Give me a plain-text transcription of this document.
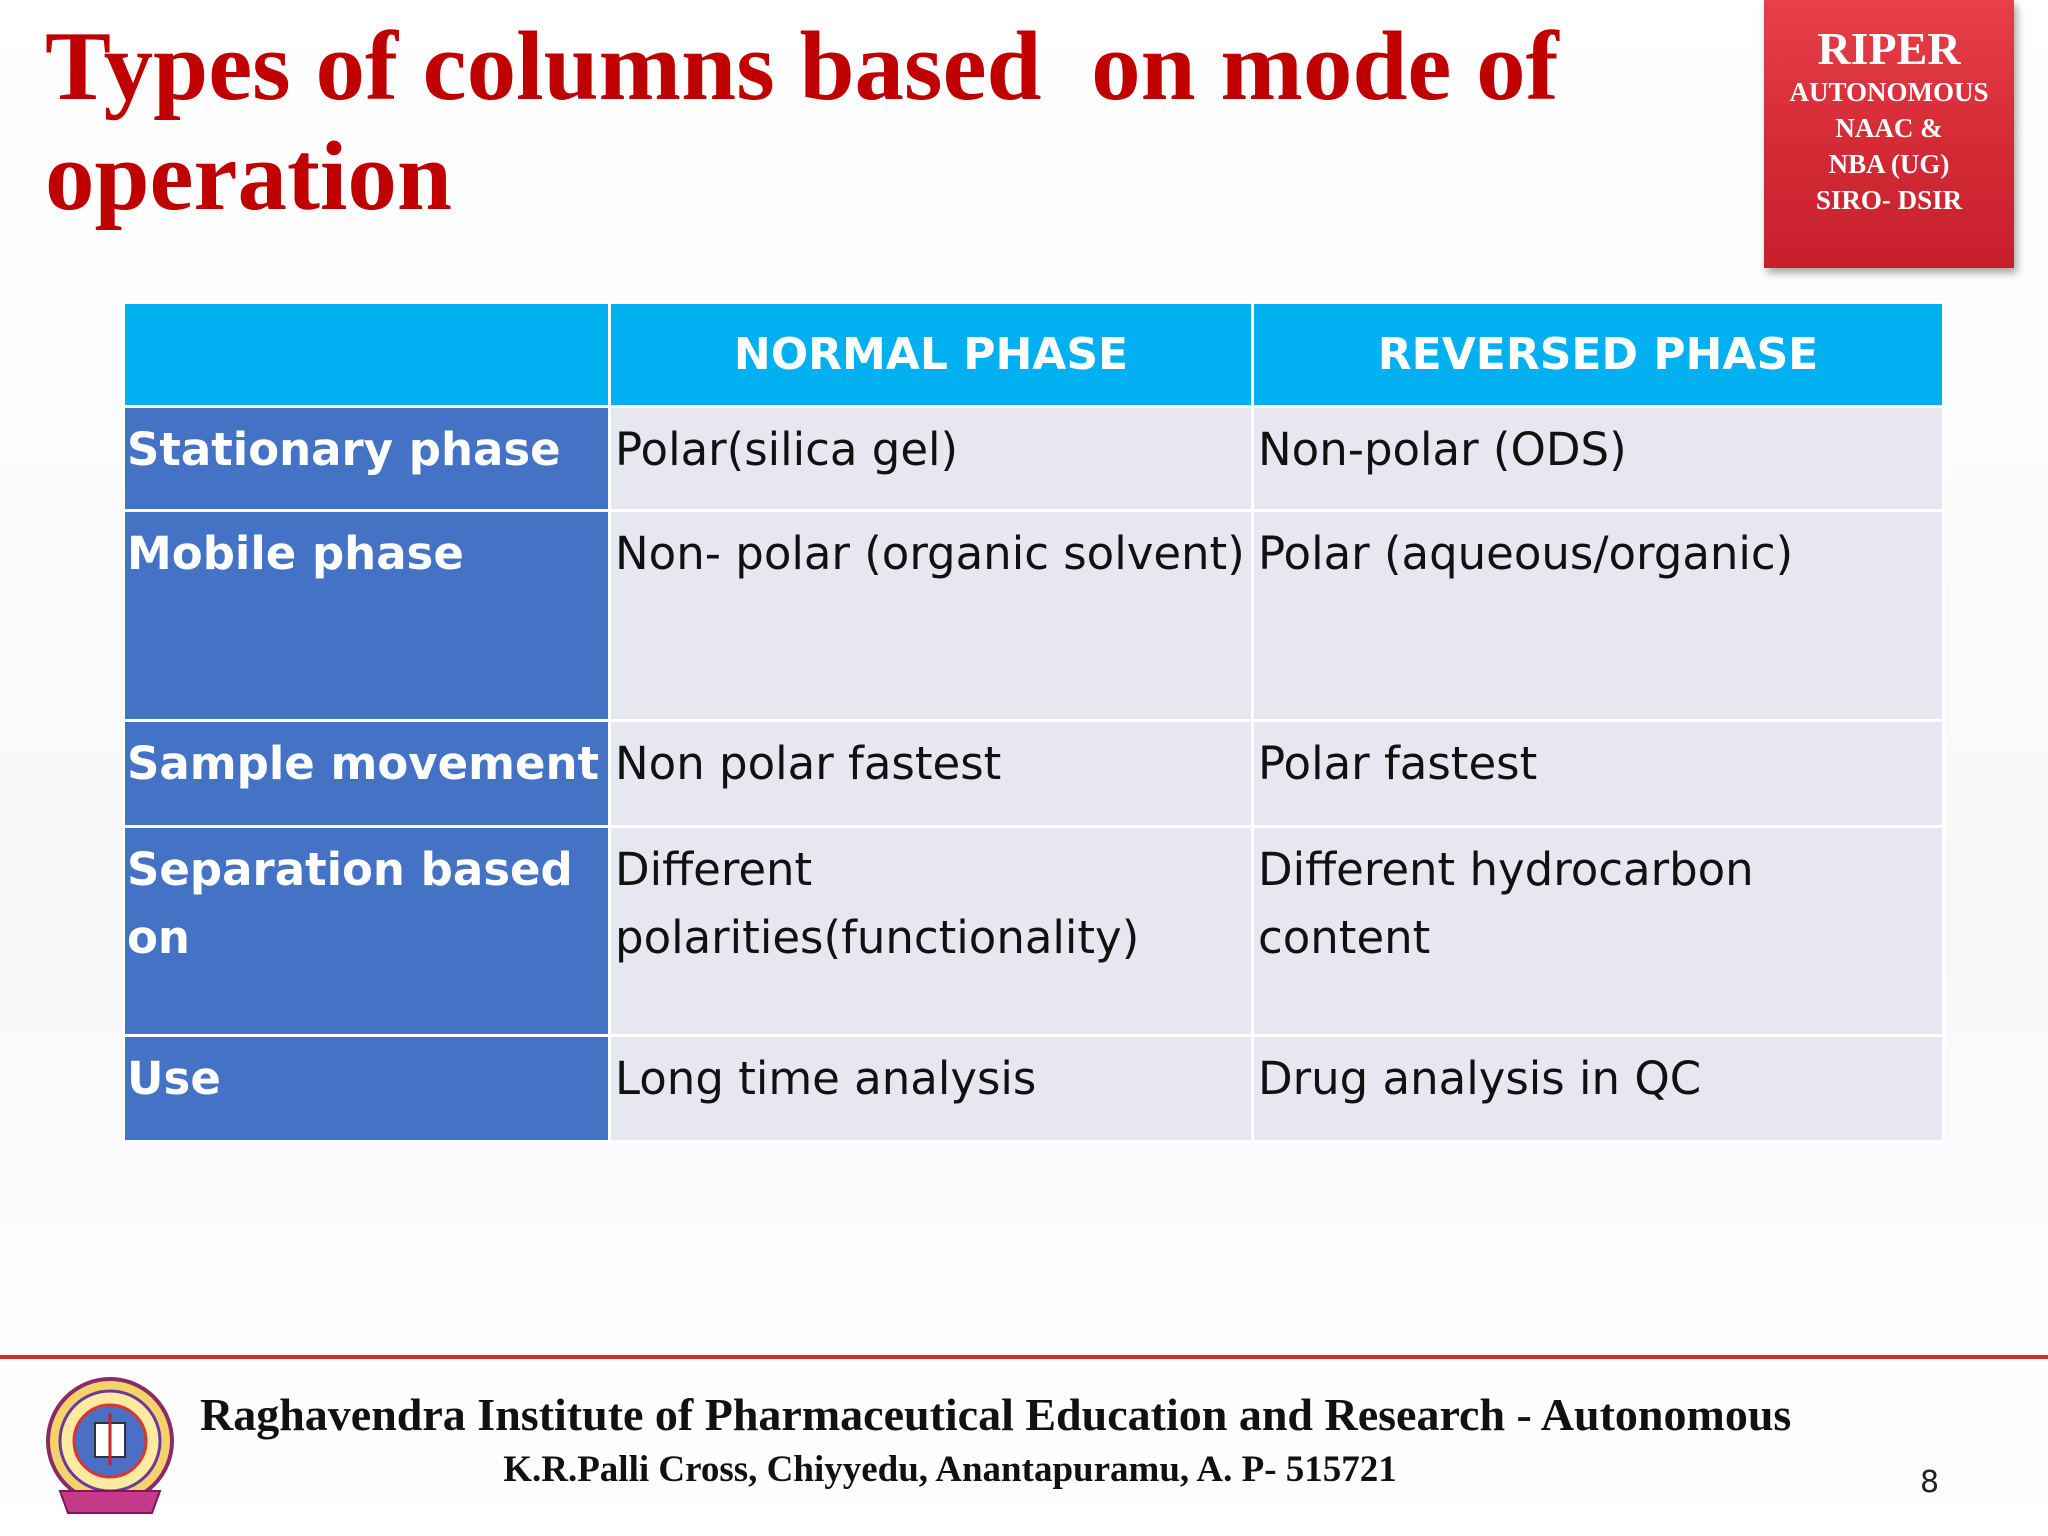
Types of columns based  on mode of operation
RIPER
AUTONOMOUS
NAAC &
NBA (UG)
SIRO- DSIR
	NORMAL PHASE	REVERSED PHASE
Stationary phase	Polar(silica gel)	Non-polar (ODS)
Mobile phase	Non- polar (organic solvent)	Polar (aqueous/organic)
Sample movement	Non polar fastest	Polar fastest
Separation based on	Different polarities(functionality)	Different hydrocarbon content
Use	Long time analysis	Drug analysis in QC
Raghavendra Institute of Pharmaceutical Education and Research - Autonomous
K.R.Palli Cross, Chiyyedu, Anantapuramu, A. P- 515721	8
